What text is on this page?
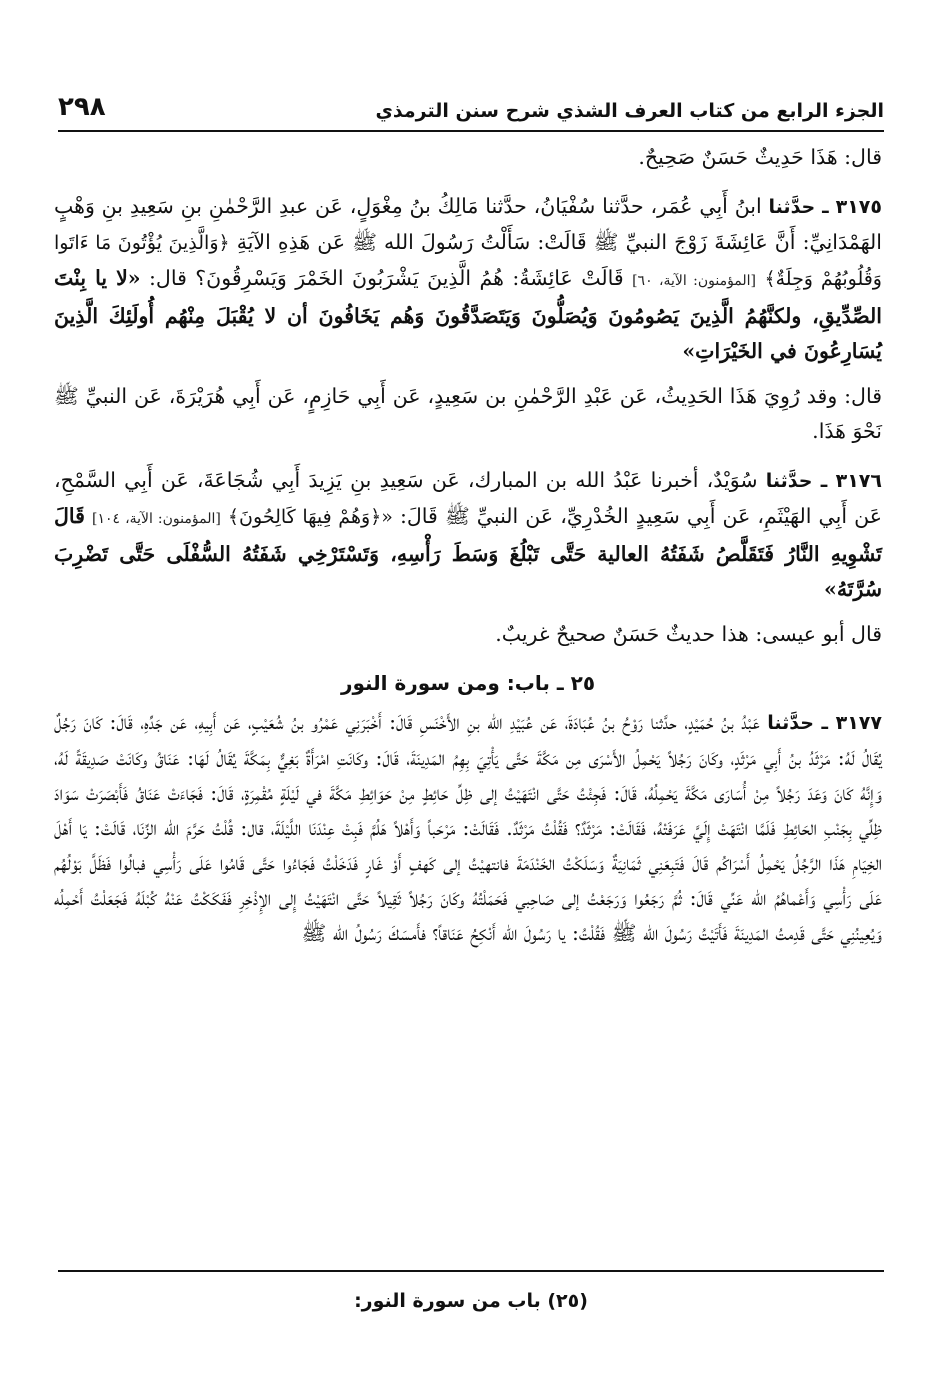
الجزء الرابع من كتاب العرف الشذي شرح سنن الترمذي
٢٩٨

قال: هَذَا حَدِيثٌ حَسَنٌ صَحِيحٌ.

٣١٧٥ ـ حدَّثنا ابنُ أَبِي عُمَر، حدَّثنا سُفْيَانُ، حدَّثنا مَالِكُ بنُ مِغْوَلٍ، عَن عبدِ الرَّحْمٰنِ بنِ سَعِيدِ بنِ وَهْبٍ الهَمْدَانِيِّ: أَنَّ عَائِشَةَ زَوْجَ النبيِّ ﷺ قَالَتْ: سَأَلْتُ رَسُولَ الله ﷺ عَن هَذِهِ الآيَةِ ﴿وَالَّذِينَ يُؤْتُونَ مَا ءَاتَوا وَقُلُوبُهُمْ وَجِلَةٌ﴾ [المؤمنون: الآية، ٦٠] قَالَتْ عَائِشَةُ: هُمُ الَّذِينَ يَشْرَبُونَ الخَمْرَ وَيَسْرِقُونَ؟ قال: «لا يا بِنْتَ الصِّدِّيقِ، ولكنَّهُمُ الَّذِينَ يَصُومُونَ وَيُصَلُّونَ وَيَتَصَدَّقُونَ وَهُم يَخَافُونَ أن لا يُقْبَلَ مِنْهُم أُولَئِكَ الَّذِينَ يُسَارِعُونَ في الخَيْرَاتِ»

قال: وقد رُوِيَ هَذَا الحَدِيثُ، عَن عَبْدِ الرَّحْمٰنِ بن سَعِيدٍ، عَن أَبِي حَازِمٍ، عَن أَبِي هُرَيْرَةَ، عَن النبيِّ ﷺ نَحْوَ هَذَا.

٣١٧٦ ـ حدَّثنا سُوَيْدٌ، أخبرنا عَبْدُ الله بن المبارك، عَن سَعِيدِ بنِ يَزِيدَ أَبِي شُجَاعَةَ، عَن أَبِي السَّمْحِ، عَن أَبِي الهَيْثَمِ، عَن أَبِي سَعِيدٍ الخُدْرِيِّ، عَن النبيِّ ﷺ قَالَ: «﴿وَهُمْ فِيهَا كَالِحُونَ﴾ [المؤمنون: الآية، ١٠٤] قَالَ تَشْوِيهِ النَّارُ فَتَقَلَّصُ شَفَتُهُ العالية حَتَّى تَبْلُغَ وَسَطَ رَأْسِهِ، وَتَسْتَرْخِي شَفَتُهُ السُّفْلَى حَتَّى تَضْرِبَ سُرَّتَهُ»

قال أبو عيسى: هذا حديثٌ حَسَنٌ صحيحٌ غريبٌ.

٢٥ ـ باب: ومن سورة النور

٣١٧٧ ـ حدَّثنا عَبْدُ بنُ حُمَيْدٍ، حدَّثنا رَوْحُ بنُ عُبَادَةَ، عَن عُبَيْدِ الله بنِ الأَخْنَسِ قَالَ: أَخْبَرَنِي عَمْرُو بنُ شُعَيْبٍ، عَن أَبِيهِ، عَن جَدِّهِ، قَالَ: كَانَ رَجُلٌ يُقَالُ لَهُ: مَرْثَدُ بنُ أَبِي مَرْثَدٍ، وكَانَ رَجُلاً يَحْمِلُ الأَسْرَى مِن مَكَّةَ حَتَّى يَأْتِيَ بِهِمُ المَدِينَةَ، قَالَ: وكَانَتِ امْرَأَةٌ بَغِيٌّ بِمَكَّةَ يُقَالُ لَهَا: عَنَاقُ وكَانَتْ صَدِيقَةً لَهُ، وَإِنَّهُ كَانَ وَعَدَ رَجُلاً مِنْ أُسَارَى مَكَّةَ يَحْمِلُهُ، قَالَ: فَجِئْتُ حَتَّى انْتَهَيْتُ إلى ظِلِّ حَائِطٍ مِنْ حَوَائِطِ مَكَّةَ في لَيْلَةٍ مُقْمِرَةٍ، قَالَ: فَجَاءَتْ عَنَاقُ فَأَبْصَرَتْ سَوَادَ ظِلِّي بِجَنْبِ الحَائِطِ فَلَمَّا انْتَهَتْ إِلَيَّ عَرَفَتْهُ، فَقَالَتْ: مَرْثَدٌ؟ فَقُلْتُ مَرْثَدٌ. فَقَالَتْ: مَرْحَباً وَأَهْلاً هَلُمَّ فَبِتْ عِنْدَنَا اللَّيْلَةَ، قال: قُلْتُ حَرَّمَ الله الزِّنَا، قَالَتْ: يَا أَهْلَ الخِيَامِ هَذَا الرَّجُلُ يَحْمِلُ أَسْرَاكُم قَالَ فَتَبِعَنِي ثَمَانِيَةٌ وَسَلَكْتُ الخَنْدَمَةَ فانتهيْتُ إلى كَهفٍ أَوْ غَارٍ فَدَخَلْتُ فَجَاءُوا حَتَّى قَامُوا عَلَى رَأْسِي فبالُوا فَظَلَّ بَوْلُهُم عَلَى رَأْسِي وَأَعْماهُمُ الله عَنِّي قَالَ: ثُمَّ رَجَعُوا وَرَجَعْتُ إلى صَاحِبي فَحَمَلْتُهُ وكَانَ رَجُلاً ثَقِيلاً حَتَّى انْتَهَيْتُ إِلى الإِذْخِرِ فَفَكَكْتُ عَنْهُ كُبْلَهُ فَجَعَلْتُ أَحْمِلُه وَيُعِينُنِي حَتَّى قَدِمتُ المَدِينَةَ فَأَتَيْتُ رَسُولَ الله ﷺ فَقُلْتُ: يا رَسُولَ الله أَنْكِحُ عَنَاقاً؟ فأَمسَكَ رَسُولُ الله ﷺ

(٢٥) باب من سورة النور:
